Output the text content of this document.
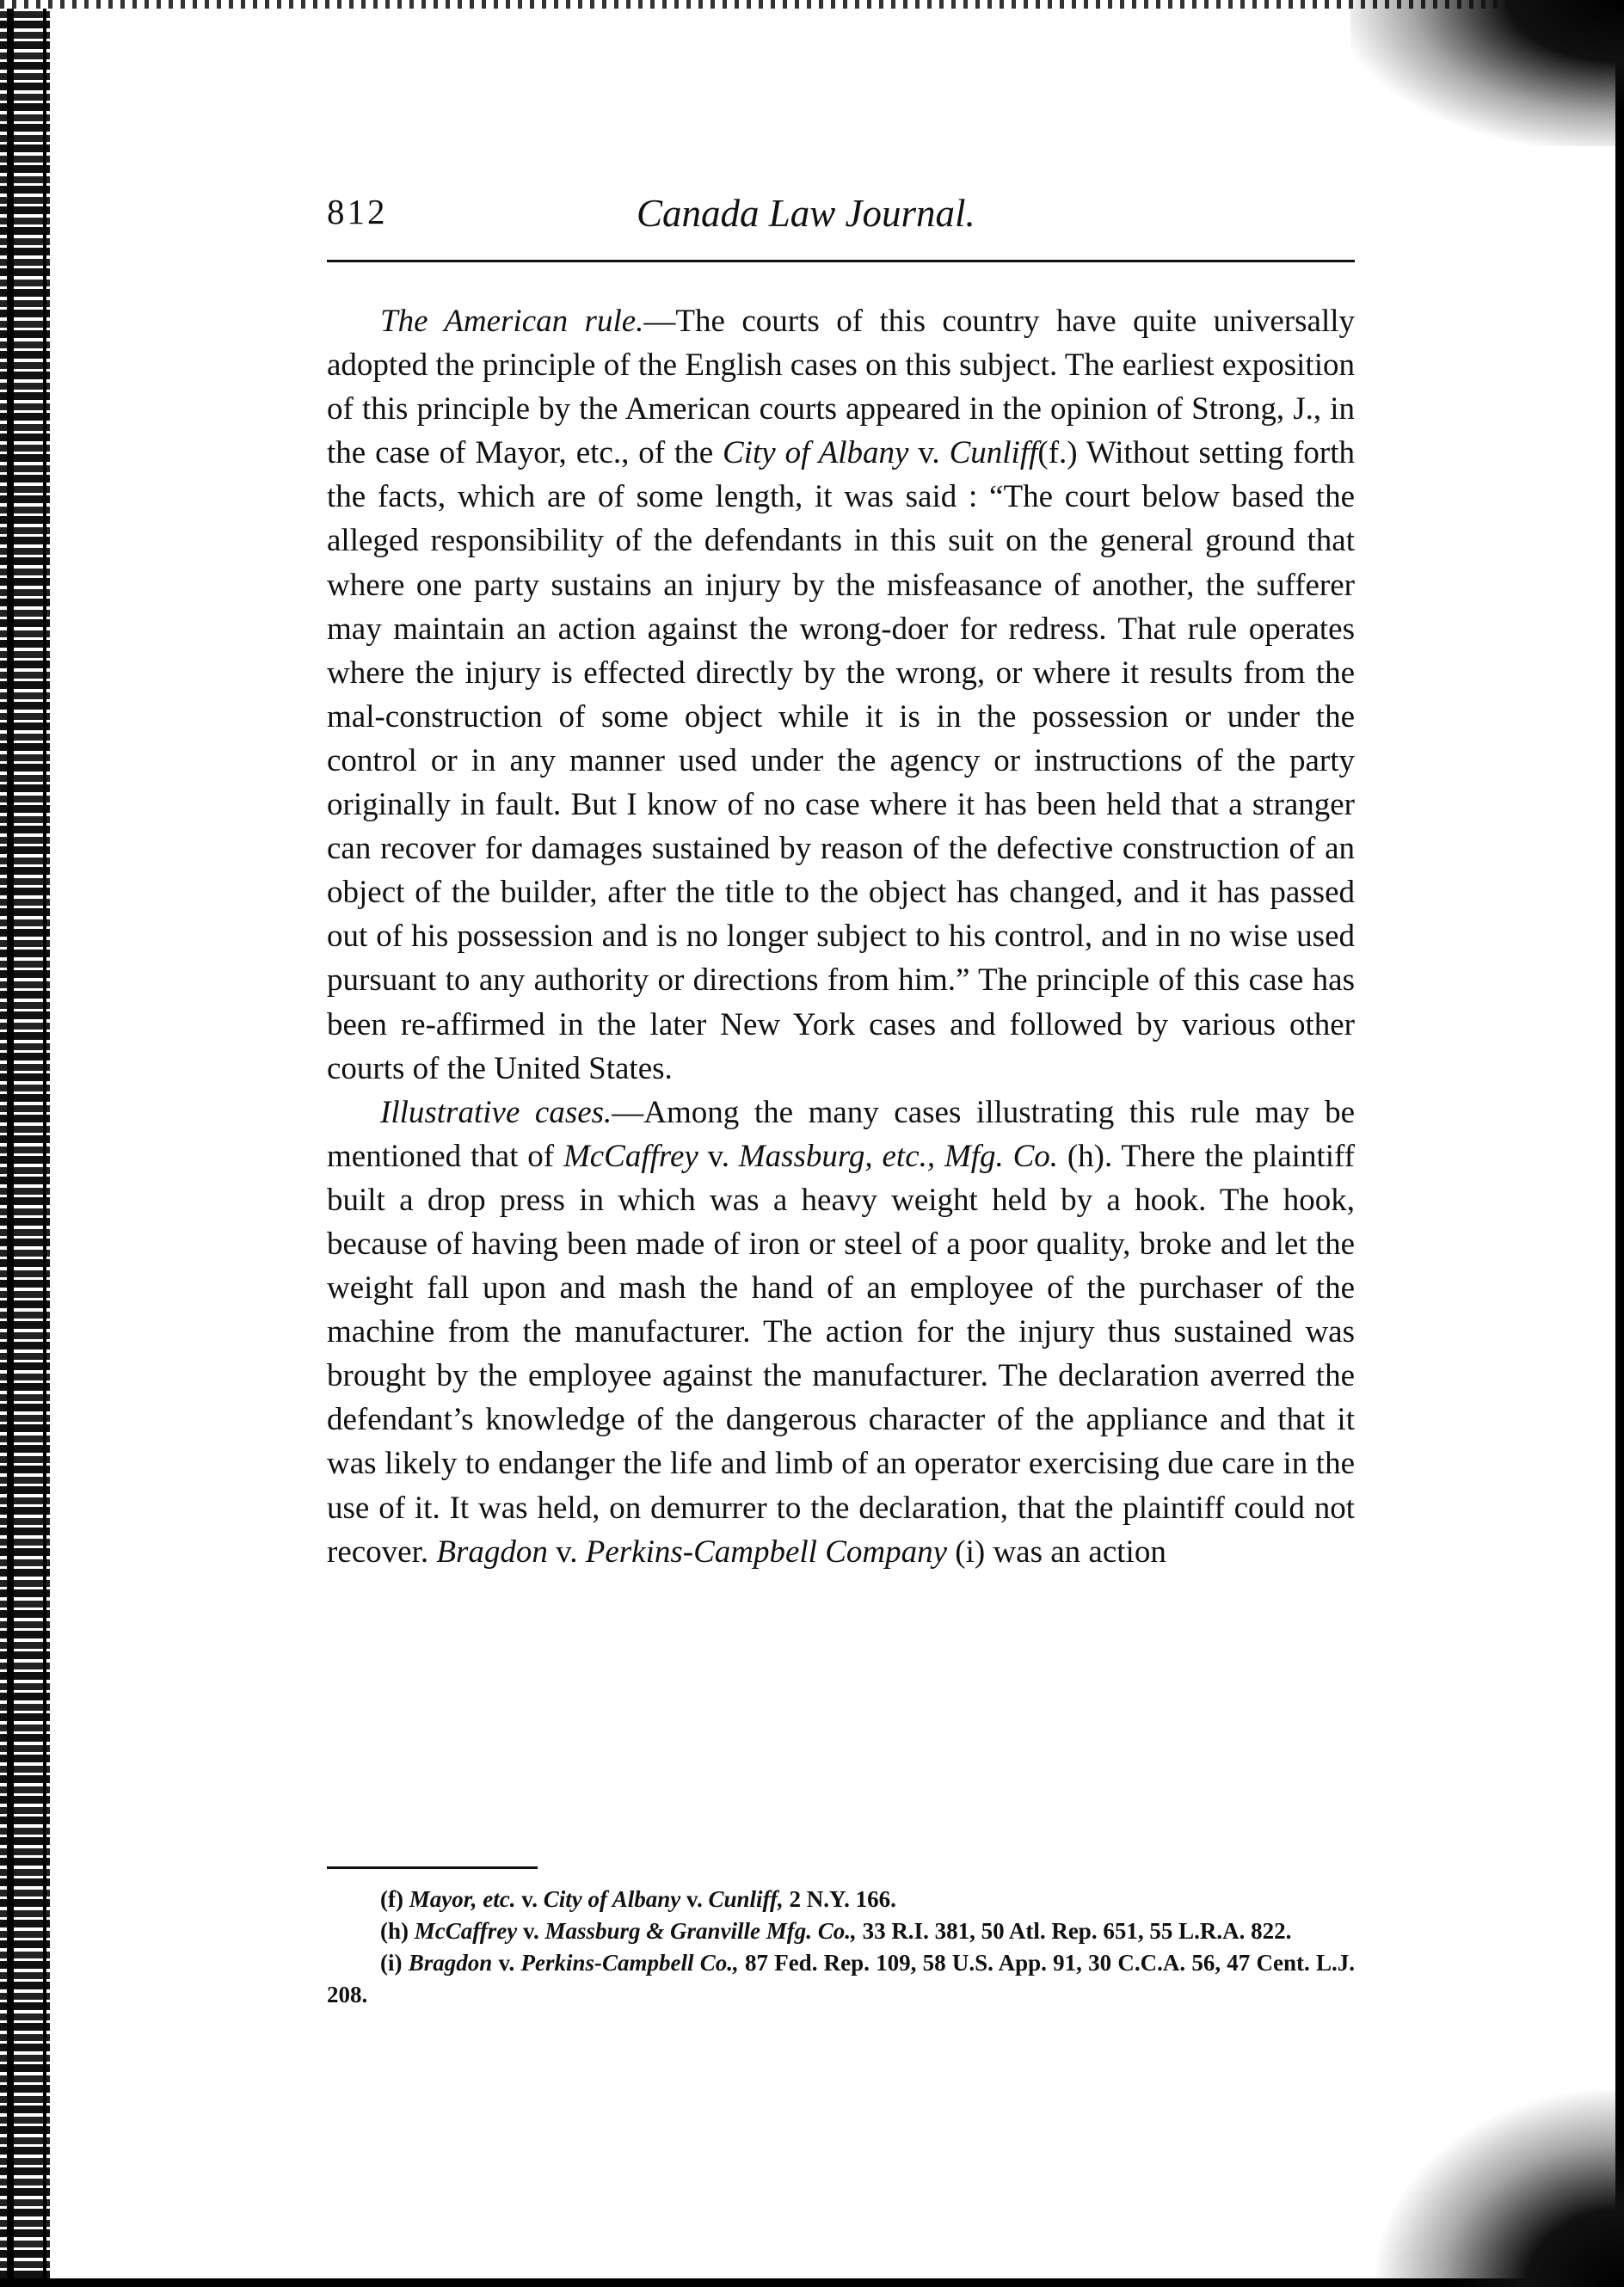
812	Canada Law Journal.

The American rule.—The courts of this country have quite universally adopted the principle of the English cases on this subject. The earliest exposition of this principle by the American courts appeared in the opinion of Strong, J., in the case of Mayor, etc., of the City of Albany v. Cunliff(f.) Without setting forth the facts, which are of some length, it was said : “The court below based the alleged responsibility of the defendants in this suit on the general ground that where one party sustains an injury by the misfeasance of another, the sufferer may maintain an action against the wrong-doer for redress. That rule operates where the injury is effected directly by the wrong, or where it results from the mal-construction of some object while it is in the possession or under the control or in any manner used under the agency or instructions of the party originally in fault. But I know of no case where it has been held that a stranger can recover for damages sustained by reason of the defective construction of an object of the builder, after the title to the object has changed, and it has passed out of his possession and is no longer subject to his control, and in no wise used pursuant to any authority or directions from him.” The principle of this case has been re-affirmed in the later New York cases and followed by various other courts of the United States.

Illustrative cases.—Among the many cases illustrating this rule may be mentioned that of McCaffrey v. Massburg, etc., Mfg. Co. (h). There the plaintiff built a drop press in which was a heavy weight held by a hook. The hook, because of having been made of iron or steel of a poor quality, broke and let the weight fall upon and mash the hand of an employee of the purchaser of the machine from the manufacturer. The action for the injury thus sustained was brought by the employee against the manufacturer. The declaration averred the defendant’s knowledge of the dangerous character of the appliance and that it was likely to endanger the life and limb of an operator exercising due care in the use of it. It was held, on demurrer to the declaration, that the plaintiff could not recover. Bragdon v. Perkins-Campbell Company (i) was an action

(f) Mayor, etc. v. City of Albany v. Cunliff, 2 N.Y. 166.

(h) McCaffrey v. Massburg & Granville Mfg. Co., 33 R.I. 381, 50 Atl. Rep. 651, 55 L.R.A. 822.

(i) Bragdon v. Perkins-Campbell Co., 87 Fed. Rep. 109, 58 U.S. App. 91, 30 C.C.A. 56, 47 Cent. L.J. 208.
